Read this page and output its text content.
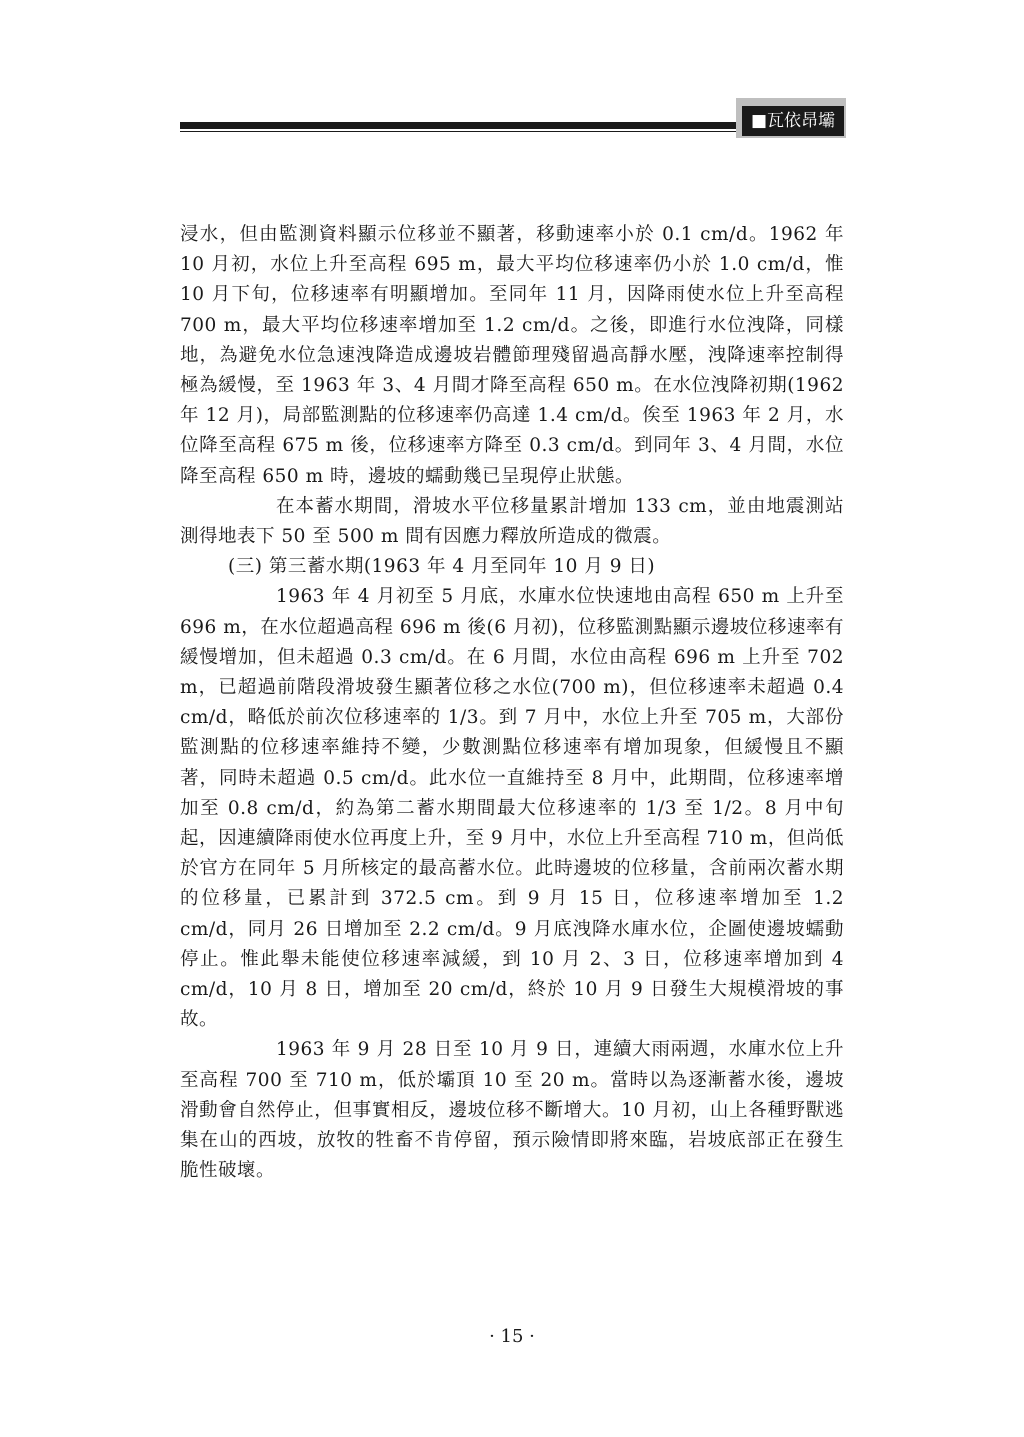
■瓦依昂壩

浸水，但由監測資料顯示位移並不顯著，移動速率小於 0.1 cm/d。1962 年 10 月初，水位上升至高程 695 m，最大平均位移速率仍小於 1.0 cm/d，惟 10 月下旬，位移速率有明顯增加。至同年 11 月，因降雨使水位上升至高程 700 m，最大平均位移速率增加至 1.2 cm/d。之後，即進行水位洩降，同樣地，為避免水位急速洩降造成邊坡岩體節理殘留過高靜水壓，洩降速率控制得極為緩慢，至 1963 年 3、4 月間才降至高程 650 m。在水位洩降初期(1962 年 12 月)，局部監測點的位移速率仍高達 1.4 cm/d。俟至 1963 年 2 月，水位降至高程 675 m 後，位移速率方降至 0.3 cm/d。到同年 3、4 月間，水位降至高程 650 m 時，邊坡的蠕動幾已呈現停止狀態。

在本蓄水期間，滑坡水平位移量累計增加 133 cm，並由地震測站測得地表下 50 至 500 m 間有因應力釋放所造成的微震。

(三) 第三蓄水期(1963 年 4 月至同年 10 月 9 日)

1963 年 4 月初至 5 月底，水庫水位快速地由高程 650 m 上升至 696 m，在水位超過高程 696 m 後(6 月初)，位移監測點顯示邊坡位移速率有緩慢增加，但未超過 0.3 cm/d。在 6 月間，水位由高程 696 m 上升至 702 m，已超過前階段滑坡發生顯著位移之水位(700 m)，但位移速率未超過 0.4 cm/d，略低於前次位移速率的 1/3。到 7 月中，水位上升至 705 m，大部份監測點的位移速率維持不變，少數測點位移速率有增加現象，但緩慢且不顯著，同時未超過 0.5 cm/d。此水位一直維持至 8 月中，此期間，位移速率增加至 0.8 cm/d，約為第二蓄水期間最大位移速率的 1/3 至 1/2。8 月中旬起，因連續降雨使水位再度上升，至 9 月中，水位上升至高程 710 m，但尚低於官方在同年 5 月所核定的最高蓄水位。此時邊坡的位移量，含前兩次蓄水期的位移量，已累計到 372.5 cm。到 9 月 15 日，位移速率增加至 1.2 cm/d，同月 26 日增加至 2.2 cm/d。9 月底洩降水庫水位，企圖使邊坡蠕動停止。惟此舉未能使位移速率減緩，到 10 月 2、3 日，位移速率增加到 4 cm/d，10 月 8 日，增加至 20 cm/d，終於 10 月 9 日發生大規模滑坡的事故。

1963 年 9 月 28 日至 10 月 9 日，連續大雨兩週，水庫水位上升至高程 700 至 710 m，低於壩頂 10 至 20 m。當時以為逐漸蓄水後，邊坡滑動會自然停止，但事實相反，邊坡位移不斷增大。10 月初，山上各種野獸逃集在山的西坡，放牧的牲畜不肯停留，預示險情即將來臨，岩坡底部正在發生脆性破壞。

· 15 ·
